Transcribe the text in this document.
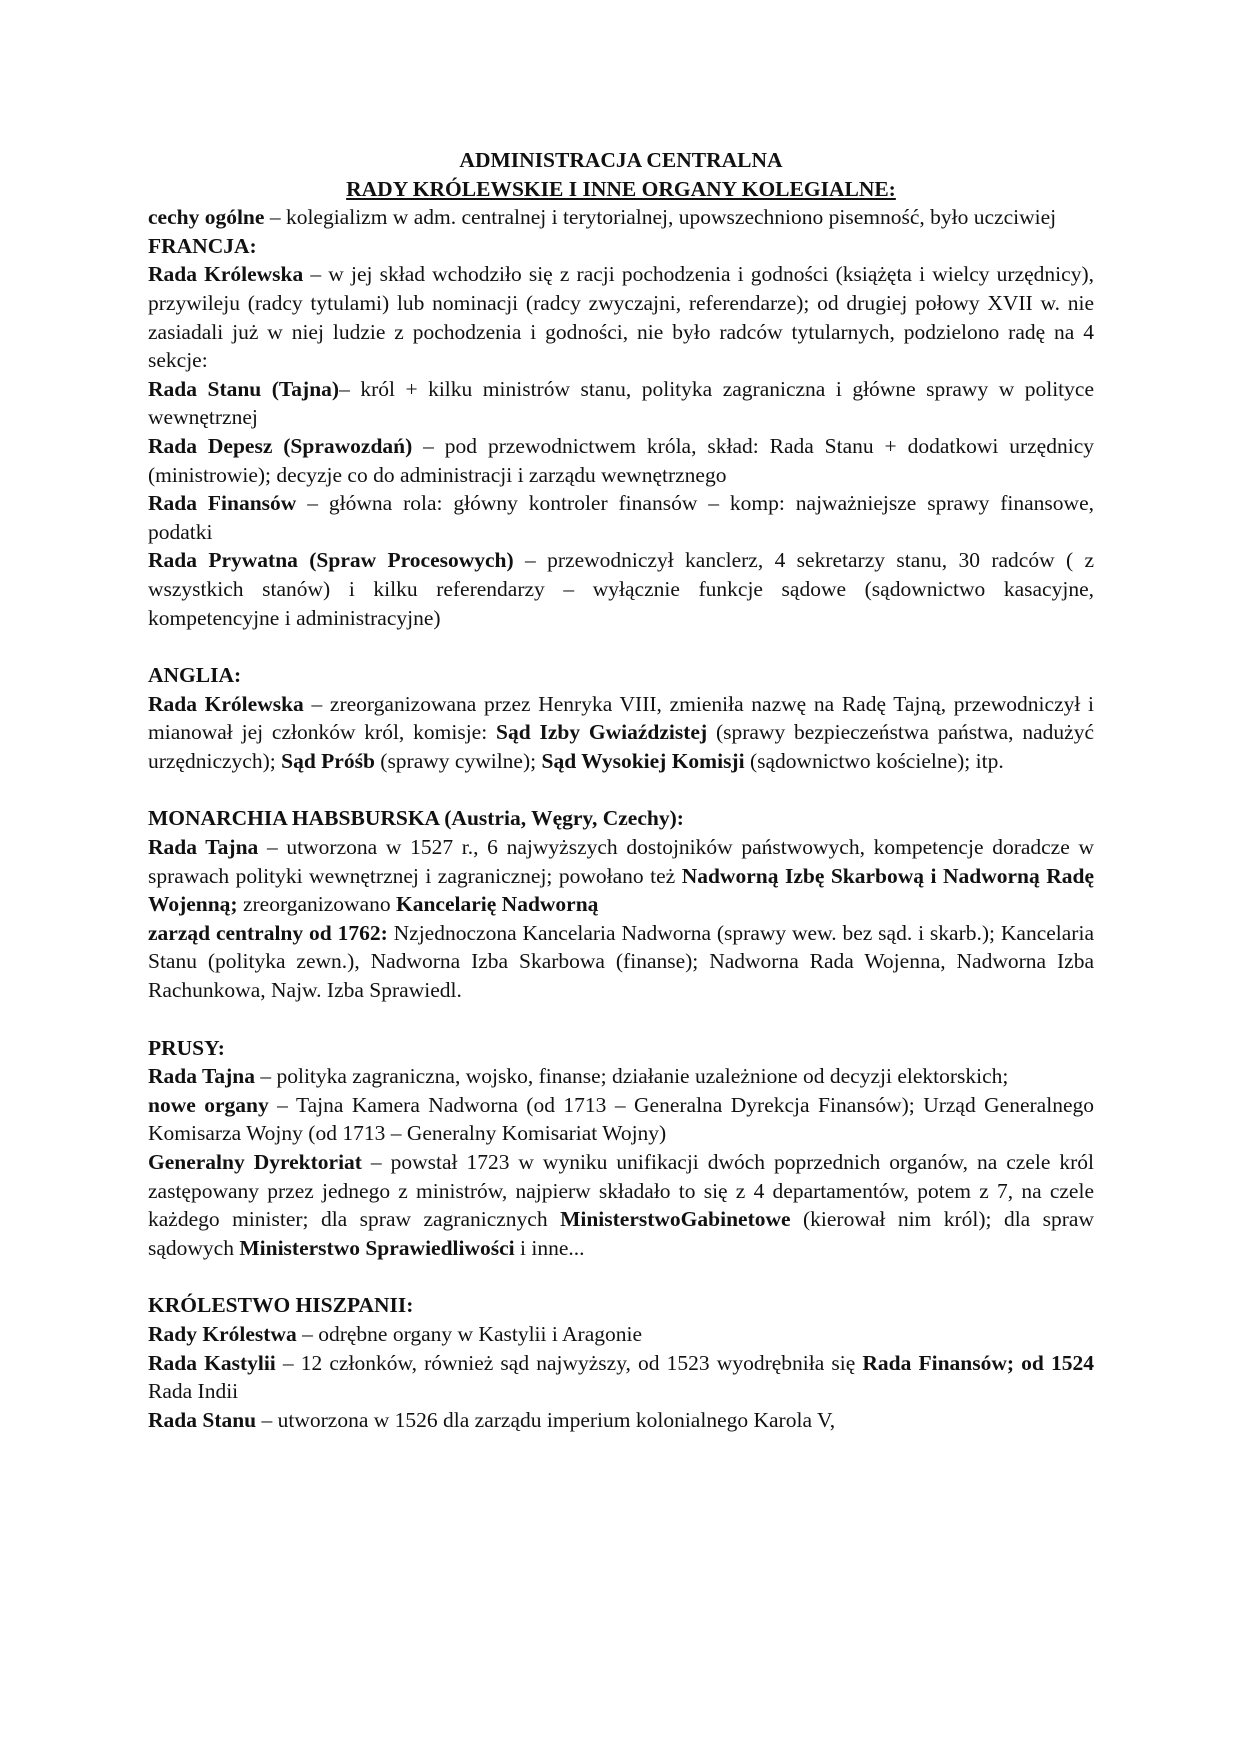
ADMINISTRACJA CENTRALNA

RADY KRÓLEWSKIE I INNE ORGANY KOLEGIALNE:

cechy ogólne – kolegializm w adm. centralnej i terytorialnej, upowszechniono pisemność, było uczciwiej

FRANCJA:

Rada Królewska – w jej skład wchodziło się z racji pochodzenia i godności (książęta i wielcy urzędnicy), przywileju (radcy tytulami) lub nominacji (radcy zwyczajni, referendarze); od drugiej połowy XVII w. nie zasiadali już w niej ludzie z pochodzenia i godności, nie było radców tytularnych, podzielono radę na 4 sekcje:

Rada Stanu (Tajna)– król + kilku ministrów stanu, polityka zagraniczna i główne sprawy w polityce wewnętrznej

Rada Depesz (Sprawozdań) – pod przewodnictwem króla, skład: Rada Stanu + dodatkowi urzędnicy (ministrowie); decyzje co do administracji i zarządu wewnętrznego

Rada Finansów – główna rola: główny kontroler finansów – komp: najważniejsze sprawy finansowe, podatki

Rada Prywatna (Spraw Procesowych) – przewodniczył kanclerz, 4 sekretarzy stanu, 30 radców ( z wszystkich stanów) i kilku referendarzy – wyłącznie funkcje sądowe (sądownictwo kasacyjne, kompetencyjne i administracyjne)

ANGLIA:

Rada Królewska – zreorganizowana przez Henryka VIII, zmieniła nazwę na Radę Tajną, przewodniczył i mianował jej członków król, komisje: Sąd Izby Gwiaździstej (sprawy bezpieczeństwa państwa, nadużyć urzędniczych); Sąd Próśb (sprawy cywilne); Sąd Wysokiej Komisji (sądownictwo kościelne); itp.

MONARCHIA HABSBURSKA (Austria, Węgry, Czechy):

Rada Tajna – utworzona w 1527 r., 6 najwyższych dostojników państwowych, kompetencje doradcze w sprawach polityki wewnętrznej i zagranicznej; powołano też Nadworną Izbę Skarbową i Nadworną Radę Wojenną; zreorganizowano Kancelarię Nadworną

zarząd centralny od 1762: Nzjednoczona Kancelaria Nadworna (sprawy wew. bez sąd. i skarb.); Kancelaria Stanu (polityka zewn.), Nadworna Izba Skarbowa (finanse); Nadworna Rada Wojenna, Nadworna Izba Rachunkowa, Najw. Izba Sprawiedl.

PRUSY:

Rada Tajna – polityka zagraniczna, wojsko, finanse; działanie uzależnione od decyzji elektorskich;

nowe organy – Tajna Kamera Nadworna (od 1713 – Generalna Dyrekcja Finansów); Urząd Generalnego Komisarza Wojny (od 1713 – Generalny Komisariat Wojny)

Generalny Dyrektoriat – powstał 1723 w wyniku unifikacji dwóch poprzednich organów, na czele król zastępowany przez jednego z ministrów, najpierw składało to się z 4 departamentów, potem z 7, na czele każdego minister; dla spraw zagranicznych MinisterstwoGabinetowe (kierował nim król); dla spraw sądowych Ministerstwo Sprawiedliwości i inne...

KRÓLESTWO HISZPANII:

Rady Królestwa – odrębne organy w Kastylii i Aragonie

Rada Kastylii – 12 członków, również sąd najwyższy, od 1523 wyodrębniła się Rada Finansów; od 1524 Rada Indii

Rada Stanu – utworzona w 1526 dla zarządu imperium kolonialnego Karola V,
